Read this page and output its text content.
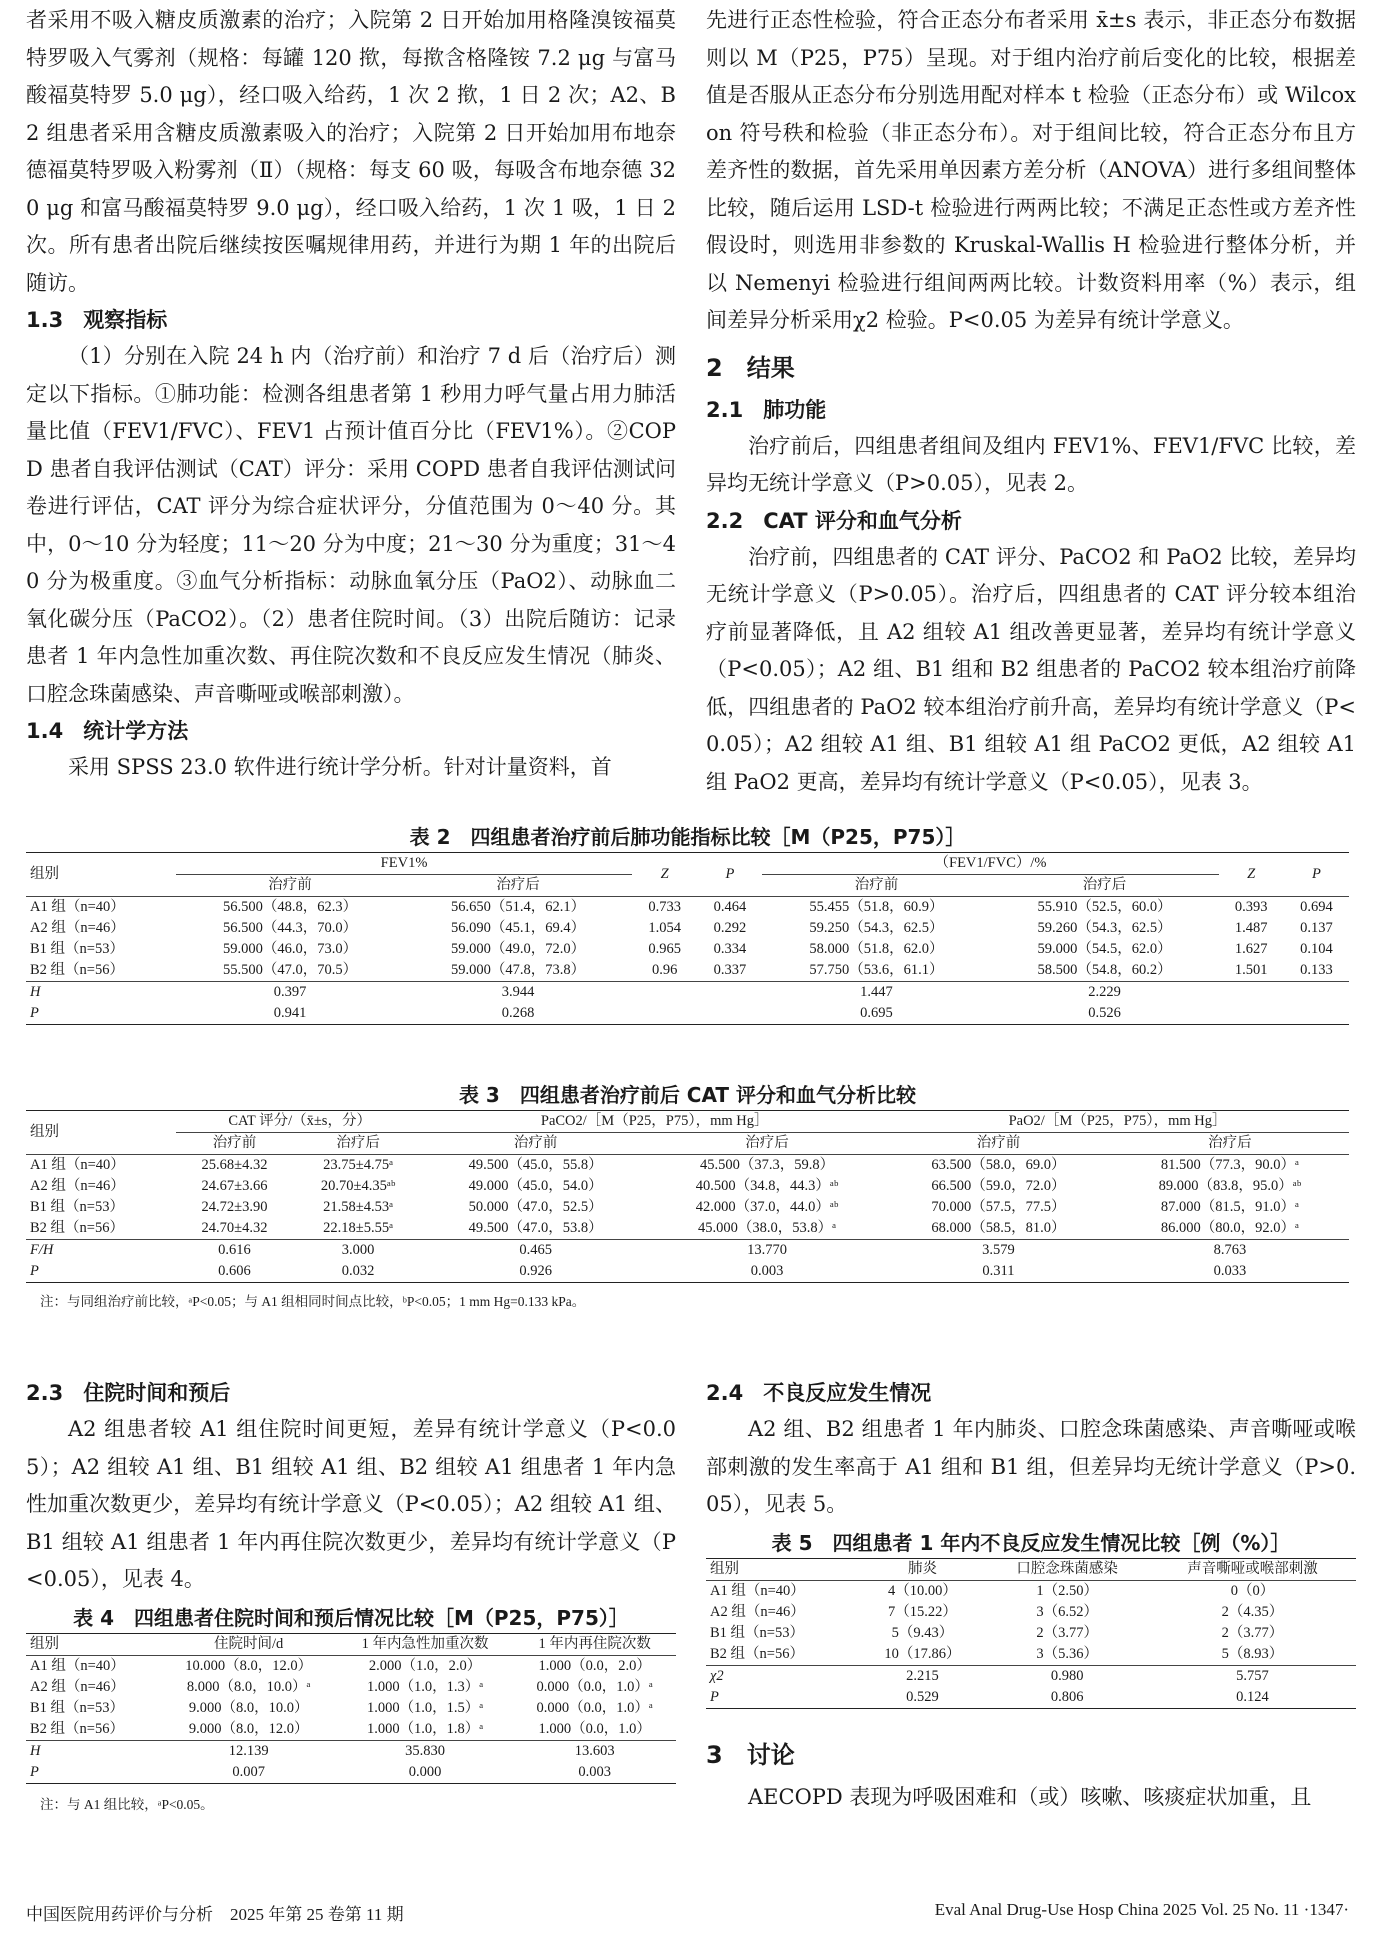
者采用不吸入糖皮质激素的治疗；入院第 2 日开始加用格隆溴铵福莫特罗吸入气雾剂（规格：每罐 120 揿，每揿含格隆铵 7.2 μg 与富马酸福莫特罗 5.0 μg），经口吸入给药，1 次 2 揿，1 日 2 次；A2、B2 组患者采用含糖皮质激素吸入的治疗；入院第 2 日开始加用布地奈德福莫特罗吸入粉雾剂（Ⅱ）（规格：每支 60 吸，每吸含布地奈德 320 μg 和富马酸福莫特罗 9.0 μg），经口吸入给药，1 次 1 吸，1 日 2 次。所有患者出院后继续按医嘱规律用药，并进行为期 1 年的出院后随访。

1.3 观察指标

（1）分别在入院 24 h 内（治疗前）和治疗 7 d 后（治疗后）测定以下指标。①肺功能：检测各组患者第 1 秒用力呼气量占用力肺活量比值（FEV1/FVC）、FEV1 占预计值百分比（FEV1%）。②COPD 患者自我评估测试（CAT）评分：采用 COPD 患者自我评估测试问卷进行评估，CAT 评分为综合症状评分，分值范围为 0～40 分。其中，0～10 分为轻度；11～20 分为中度；21～30 分为重度；31～40 分为极重度。③血气分析指标：动脉血氧分压（PaO2）、动脉血二氧化碳分压（PaCO2）。（2）患者住院时间。（3）出院后随访：记录患者 1 年内急性加重次数、再住院次数和不良反应发生情况（肺炎、口腔念珠菌感染、声音嘶哑或喉部刺激）。

1.4 统计学方法

采用 SPSS 23.0 软件进行统计学分析。针对计量资料，首

先进行正态性检验，符合正态分布者采用 x̄±s 表示，非正态分布数据则以 M（P25，P75）呈现。对于组内治疗前后变化的比较，根据差值是否服从正态分布分别选用配对样本 t 检验（正态分布）或 Wilcoxon 符号秩和检验（非正态分布）。对于组间比较，符合正态分布且方差齐性的数据，首先采用单因素方差分析（ANOVA）进行多组间整体比较，随后运用 LSD-t 检验进行两两比较；不满足正态性或方差齐性假设时，则选用非参数的 Kruskal-Wallis H 检验进行整体分析，并以 Nemenyi 检验进行组间两两比较。计数资料用率（%）表示，组间差异分析采用χ2 检验。P<0.05 为差异有统计学意义。

2 结果
2.1 肺功能

治疗前后，四组患者组间及组内 FEV1%、FEV1/FVC 比较，差异均无统计学意义（P>0.05），见表 2。

2.2 CAT 评分和血气分析

治疗前，四组患者的 CAT 评分、PaCO2 和 PaO2 比较，差异均无统计学意义（P>0.05）。治疗后，四组患者的 CAT 评分较本组治疗前显著降低，且 A2 组较 A1 组改善更显著，差异均有统计学意义（P<0.05）；A2 组、B1 组和 B2 组患者的 PaCO2 较本组治疗前降低，四组患者的 PaO2 较本组治疗前升高，差异均有统计学意义（P<0.05）；A2 组较 A1 组、B1 组较 A1 组 PaCO2 更低，A2 组较 A1 组 PaO2 更高，差异均有统计学意义（P<0.05），见表 3。

表 2　四组患者治疗前后肺功能指标比较［M（P25，P75）］
组别	FEV1%		Z	P	（FEV1/FVC）/%		Z	P
	治疗前	治疗后			治疗前	治疗后		
A1 组（n=40）	56.500（48.8，62.3）	56.650（51.4，62.1）	0.733	0.464	55.455（51.8，60.9）	55.910（52.5，60.0）	0.393	0.694
A2 组（n=46）	56.500（44.3，70.0）	56.090（45.1，69.4）	1.054	0.292	59.250（54.3，62.5）	59.260（54.3，62.5）	1.487	0.137
B1 组（n=53）	59.000（46.0，73.0）	59.000（49.0，72.0）	0.965	0.334	58.000（51.8，62.0）	59.000（54.5，62.0）	1.627	0.104
B2 组（n=56）	55.500（47.0，70.5）	59.000（47.8，73.8）	0.96	0.337	57.750（53.6，61.1）	58.500（54.8，60.2）	1.501	0.133
H	0.397	3.944			1.447	2.229		
P	0.941	0.268			0.695	0.526		
表 3　四组患者治疗前后 CAT 评分和血气分析比较
组别	CAT 评分/（x̄±s，分）		PaCO2/［M（P25，P75），mm Hg］		PaO2/［M（P25，P75），mm Hg］	
	治疗前	治疗后	治疗前	治疗后	治疗前	治疗后
A1 组（n=40）	25.68±4.32	23.75±4.75ᵃ	49.500（45.0，55.8）	45.500（37.3，59.8）	63.500（58.0，69.0）	81.500（77.3，90.0）ᵃ
A2 组（n=46）	24.67±3.66	20.70±4.35ᵃᵇ	49.000（45.0，54.0）	40.500（34.8，44.3）ᵃᵇ	66.500（59.0，72.0）	89.000（83.8，95.0）ᵃᵇ
B1 组（n=53）	24.72±3.90	21.58±4.53ᵃ	50.000（47.0，52.5）	42.000（37.0，44.0）ᵃᵇ	70.000（57.5，77.5）	87.000（81.5，91.0）ᵃ
B2 组（n=56）	24.70±4.32	22.18±5.55ᵃ	49.500（47.0，53.8）	45.000（38.0，53.8）ᵃ	68.000（58.5，81.0）	86.000（80.0，92.0）ᵃ
F/H	0.616	3.000	0.465	13.770	3.579	8.763
P	0.606	0.032	0.926	0.003	0.311	0.033
注：与同组治疗前比较，ᵃP<0.05；与 A1 组相同时间点比较，ᵇP<0.05；1 mm Hg=0.133 kPa。
2.3 住院时间和预后

A2 组患者较 A1 组住院时间更短，差异有统计学意义（P<0.05）；A2 组较 A1 组、B1 组较 A1 组、B2 组较 A1 组患者 1 年内急性加重次数更少，差异均有统计学意义（P<0.05）；A2 组较 A1 组、B1 组较 A1 组患者 1 年内再住院次数更少，差异均有统计学意义（P<0.05），见表 4。

表 4　四组患者住院时间和预后情况比较［M（P25，P75）］
组别	住院时间/d	1 年内急性加重次数	1 年内再住院次数
A1 组（n=40）	10.000（8.0，12.0）	2.000（1.0，2.0）	1.000（0.0，2.0）
A2 组（n=46）	8.000（8.0，10.0）ᵃ	1.000（1.0，1.3）ᵃ	0.000（0.0，1.0）ᵃ
B1 组（n=53）	9.000（8.0，10.0）	1.000（1.0，1.5）ᵃ	0.000（0.0，1.0）ᵃ
B2 组（n=56）	9.000（8.0，12.0）	1.000（1.0，1.8）ᵃ	1.000（0.0，1.0）
H	12.139	35.830	13.603
P	0.007	0.000	0.003
注：与 A1 组比较，ᵃP<0.05。
2.4 不良反应发生情况

A2 组、B2 组患者 1 年内肺炎、口腔念珠菌感染、声音嘶哑或喉部刺激的发生率高于 A1 组和 B1 组，但差异均无统计学意义（P>0.05），见表 5。

表 5　四组患者 1 年内不良反应发生情况比较［例（%）］
组别	肺炎	口腔念珠菌感染	声音嘶哑或喉部刺激
A1 组（n=40）	4（10.00）	1（2.50）	0（0）
A2 组（n=46）	7（15.22）	3（6.52）	2（4.35）
B1 组（n=53）	5（9.43）	2（3.77）	2（3.77）
B2 组（n=56）	10（17.86）	3（5.36）	5（8.93）
χ2	2.215	0.980	5.757
P	0.529	0.806	0.124
3 讨论

AECOPD 表现为呼吸困难和（或）咳嗽、咳痰症状加重，且

中国医院用药评价与分析　2025 年第 25 卷第 11 期	Eval Anal Drug-Use Hosp China 2025 Vol. 25 No. 11 ·1347·
